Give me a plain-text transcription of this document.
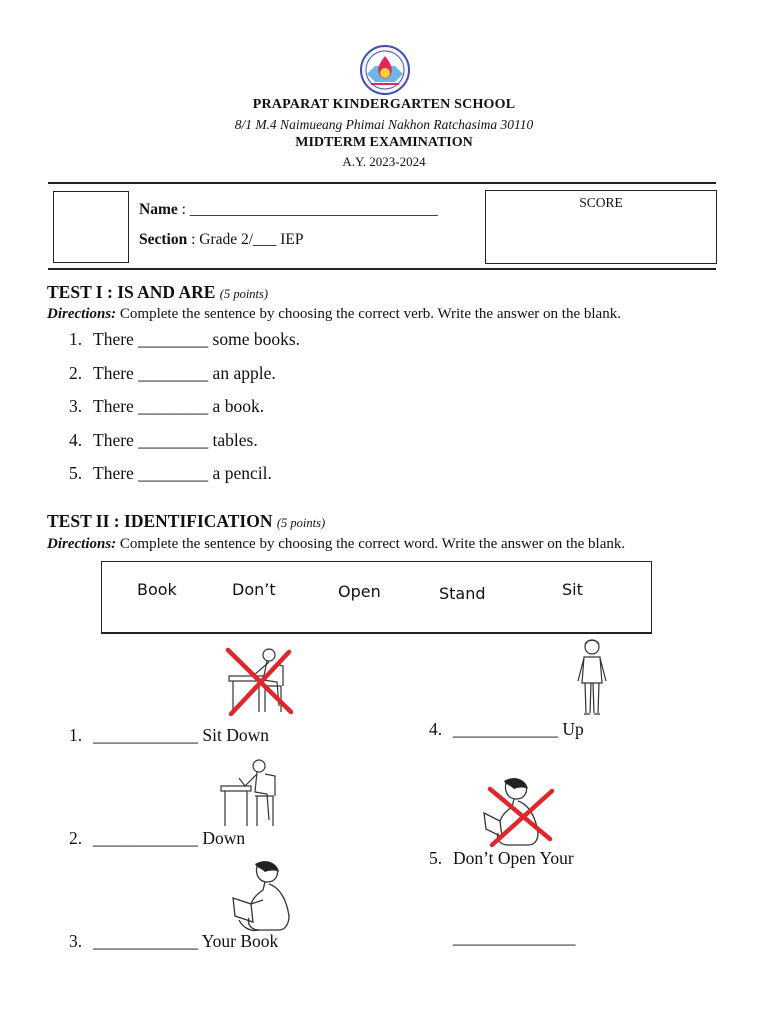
PRAPARAT KINDERGARTEN SCHOOL
8/1 M.4 Naimueang Phimai Nakhon Ratchasima 30110
MIDTERM EXAMINATION
A.Y. 2023-2024
Name : ________________________________
Section : Grade 2/___ IEP
SCORE
TEST I : IS AND ARE (5 points)
Directions: Complete the sentence by choosing the correct verb. Write the answer on the blank.
1. There ________ some books.
2. There ________ an apple.
3. There ________ a book.
4. There ________ tables.
5. There ________ a pencil.
TEST II : IDENTIFICATION (5 points)
Directions: Complete the sentence by choosing the correct word. Write the answer on the blank.
Book	Don’t	Open	Stand	Sit
1. ____________ Sit Down
2. ____________ Down
3. ____________ Your Book
4. ____________ Up
5. Don’t Open Your
______________
